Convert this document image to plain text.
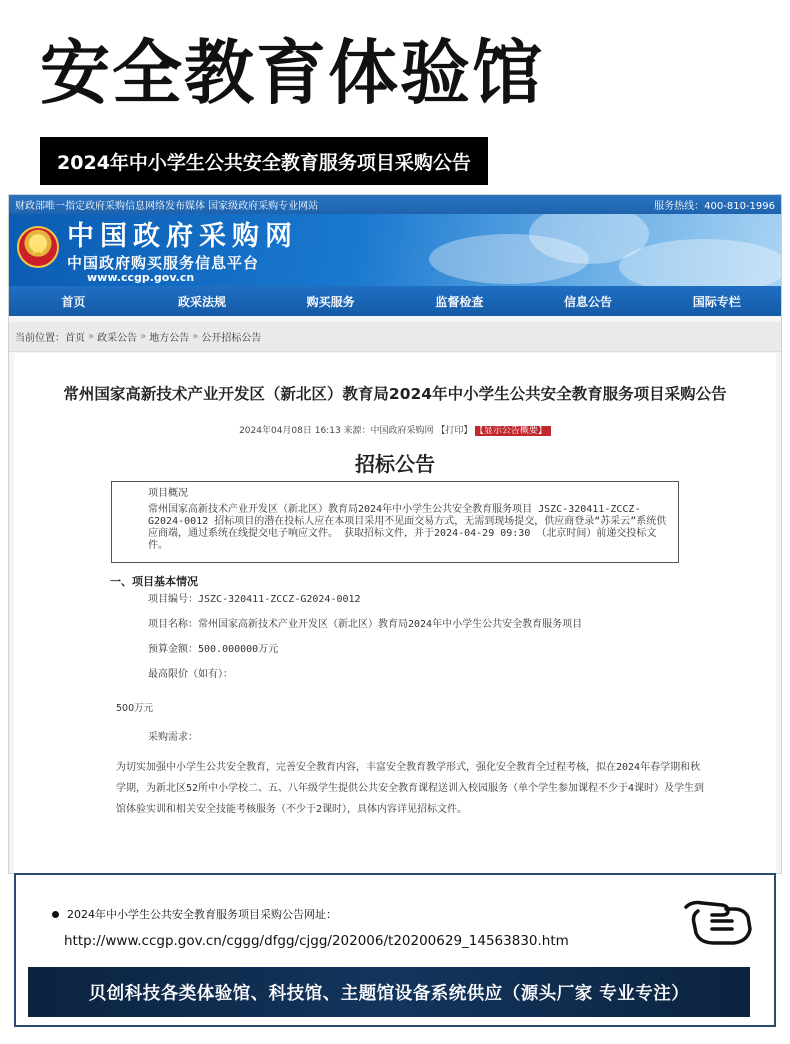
安全教育体验馆
2024年中小学生公共安全教育服务项目采购公告
财政部唯一指定政府采购信息网络发布媒体 国家级政府采购专业网站	服务热线：400-810-1996
★ 中国政府采购网
中国政府购买服务信息平台
www.ccgp.gov.cn
首页	政采法规	购买服务	监督检查	信息公告	国际专栏
当前位置： 首页 » 政采公告 » 地方公告 » 公开招标公告
常州国家高新技术产业开发区（新北区）教育局2024年中小学生公共安全教育服务项目采购公告
2024年04月08日 16:13 来源：中国政府采购网 【打印】 【显示公告概要】
招标公告
项目概况
常州国家高新技术产业开发区（新北区）教育局2024年中小学生公共安全教育服务项目 JSZC-320411-ZCCZ-G2024-0012 招标项目的潜在投标人应在本项目采用不见面交易方式，无需到现场提交，供应商登录“苏采云”系统供应商端，通过系统在线提交电子响应文件。 获取招标文件，并于2024-04-29 09:30 （北京时间）前递交投标文件。
一、项目基本情况
项目编号：JSZC-320411-ZCCZ-G2024-0012
项目名称：常州国家高新技术产业开发区（新北区）教育局2024年中小学生公共安全教育服务项目
预算金额：500.000000万元
最高限价（如有）：
500万元
采购需求：
为切实加强中小学生公共安全教育，完善安全教育内容，丰富安全教育教学形式，强化安全教育全过程考核，拟在2024年春学期和秋学期，为新北区52所中小学校二、五、八年级学生提供公共安全教育课程送训入校园服务（单个学生参加课程不少于4课时）及学生到馆体验实训和相关安全技能考核服务（不少于2课时），具体内容详见招标文件。
2024年中小学生公共安全教育服务项目采购公告网址：
http://www.ccgp.gov.cn/cggg/dfgg/cjgg/202006/t20200629_14563830.htm
贝创科技各类体验馆、科技馆、主题馆设备系统供应（源头厂家 专业专注）
